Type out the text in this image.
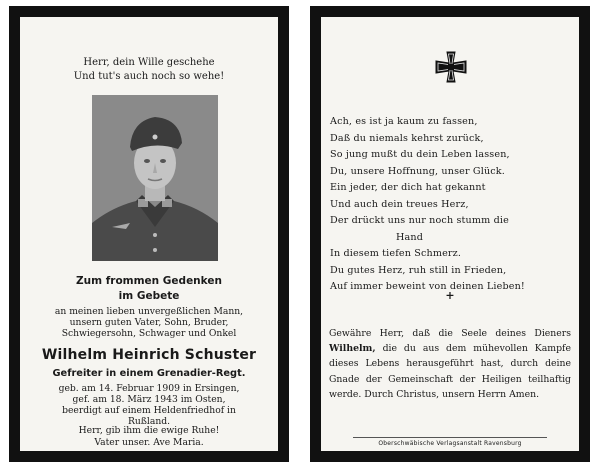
Herr, dein Wille geschehe
Und tut's auch noch so wehe!
Zum frommen Gedenken
im Gebete
an meinen lieben unvergeßlichen Mann,
unsern guten Vater, Sohn, Bruder,
Schwiegersohn, Schwager und Onkel
Wilhelm Heinrich Schuster
Gefreiter in einem Grenadier-Regt.
geb. am 14. Februar 1909 in Ersingen,
gef. am 18. März 1943 im Osten,
beerdigt auf einem Heldenfriedhof in
Rußland.
Herr, gib ihm die ewige Ruhe!
Vater unser. Ave Maria.
Ach, es ist ja kaum zu fassen,
Daß du niemals kehrst zurück,
So jung mußt du dein Leben lassen,
Du, unsere Hoffnung, unser Glück.
Ein jeder, der dich hat gekannt
Und auch dein treues Herz,
Der drückt uns nur noch stumm die
Hand
In diesem tiefen Schmerz.
Du gutes Herz, ruh still in Frieden,
Auf immer beweint von deinen Lieben!
+
Gewähre Herr, daß die Seele deines Dieners Wilhelm, die du aus dem mühevollen Kampfe dieses Lebens herausgeführt hast, durch deine Gnade der Gemeinschaft der Heiligen teilhaftig werde. Durch Christus, unsern Herrn Amen.
Oberschwäbische Verlagsanstalt Ravensburg
